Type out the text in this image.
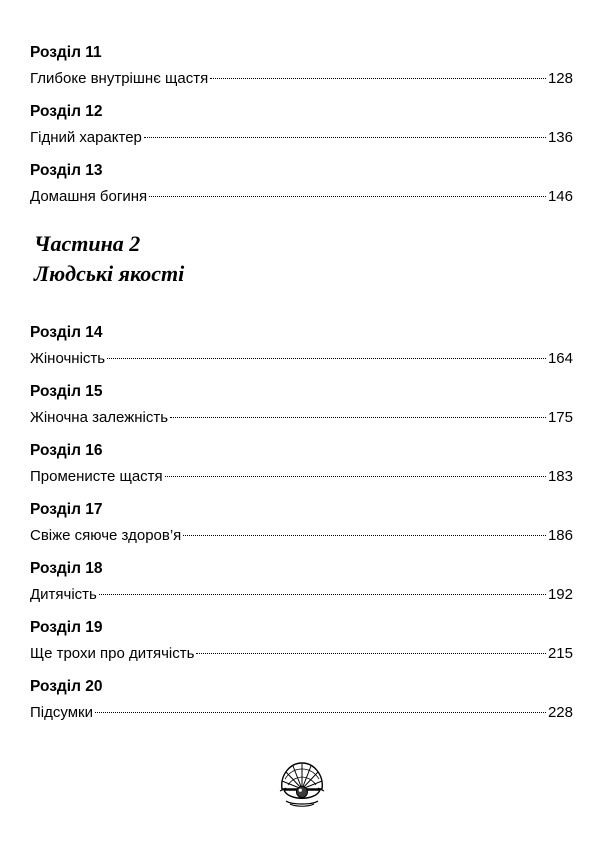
Розділ 11
Глибоке внутрішнє щастя	128
Розділ 12
Гідний характер	136
Розділ 13
Домашня богиня	146
Частина 2
Людські якості
Розділ 14
Жіночність	164
Розділ 15
Жіночна залежність	175
Розділ 16
Променисте щастя	183
Розділ 17
Свіже сяюче здоров’я	186
Розділ 18
Дитячість	192
Розділ 19
Ще трохи про дитячість	215
Розділ 20
Підсумки	228
